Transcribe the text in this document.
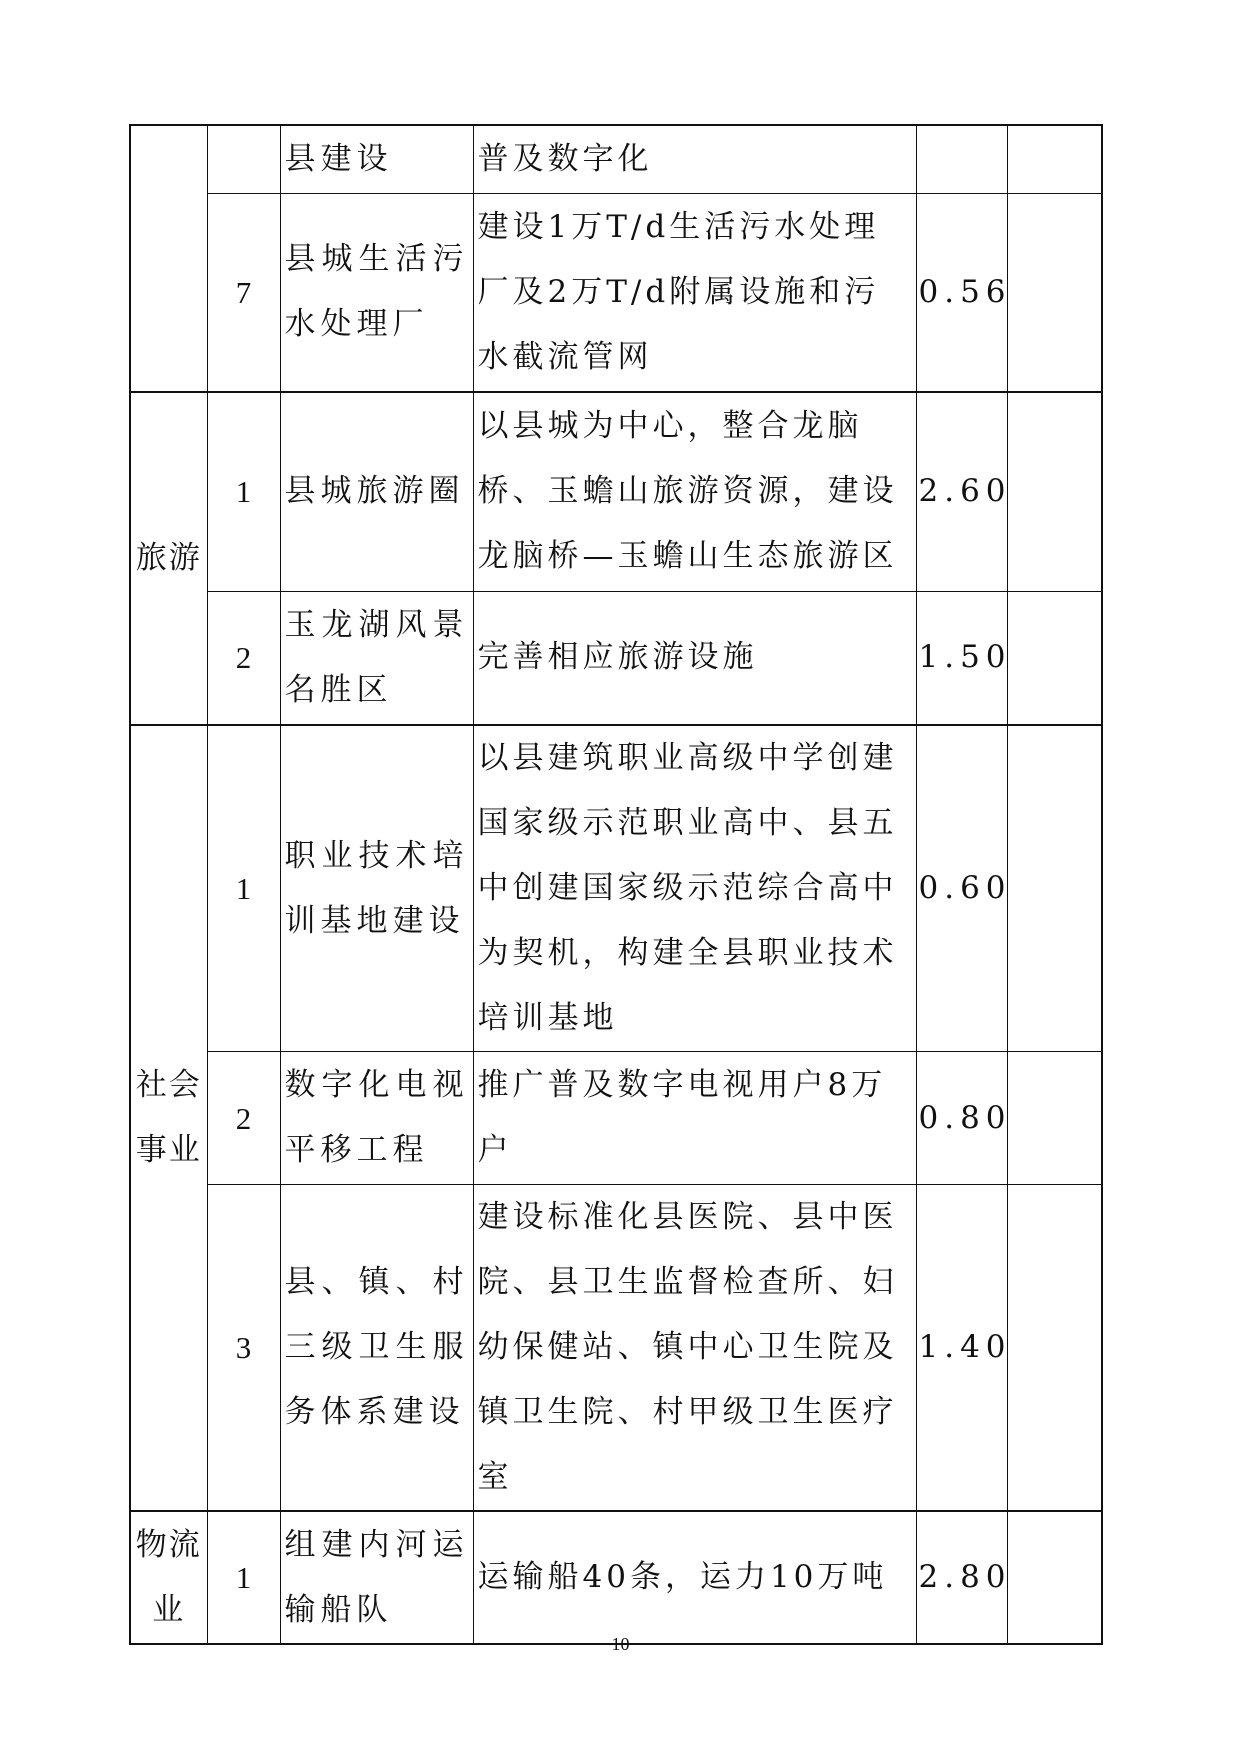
		县建设	普及数字化		
	7	县城生活污水处理厂	建设1万T/d生活污水处理厂及2万T/d附属设施和污水截流管网	0.56	
旅游	1	县城旅游圈	以县城为中心，整合龙脑桥、玉蟾山旅游资源，建设龙脑桥—玉蟾山生态旅游区	2.60	
	2	玉龙湖风景名胜区	完善相应旅游设施	1.50	
社会事业	1	职业技术培训基地建设	以县建筑职业高级中学创建国家级示范职业高中、县五中创建国家级示范综合高中为契机，构建全县职业技术培训基地	0.60	
	2	数字化电视平移工程	推广普及数字电视用户8万户	0.80	
	3	县、镇、村三级卫生服务体系建设	建设标准化县医院、县中医院、县卫生监督检查所、妇幼保健站、镇中心卫生院及镇卫生院、村甲级卫生医疗室	1.40	
物流业	1	组建内河运输船队	运输船40条，运力10万吨	2.80	
10
